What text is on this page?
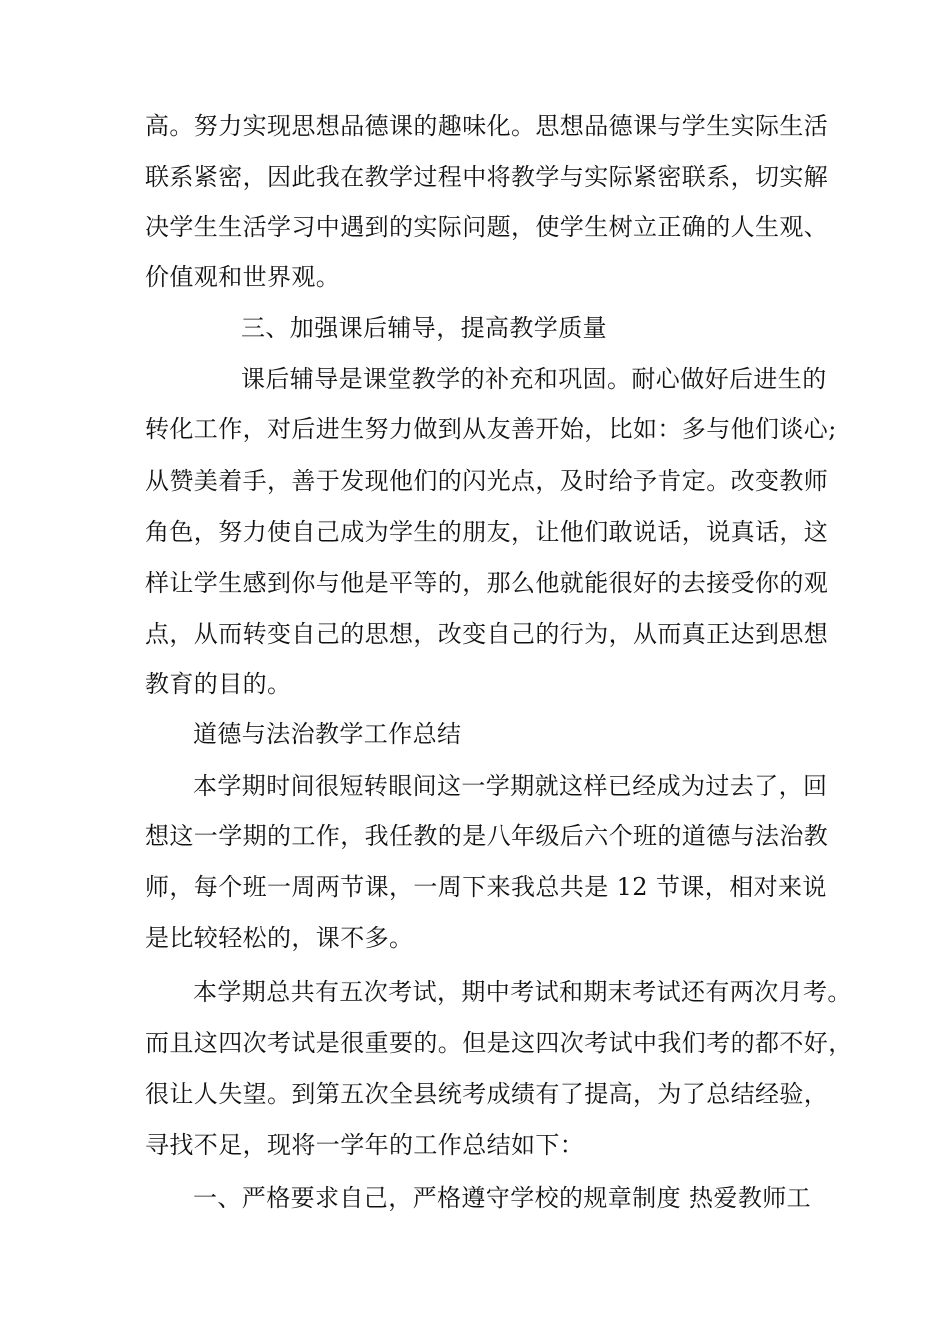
高。努力实现思想品德课的趣味化。思想品德课与学生实际生活
联系紧密，因此我在教学过程中将教学与实际紧密联系，切实解
决学生生活学习中遇到的实际问题，使学生树立正确的人生观、
价值观和世界观。
三、加强课后辅导，提高教学质量
课后辅导是课堂教学的补充和巩固。耐心做好后进生的
转化工作，对后进生努力做到从友善开始，比如：多与他们谈心;
从赞美着手，善于发现他们的闪光点，及时给予肯定。改变教师
角色，努力使自己成为学生的朋友，让他们敢说话，说真话，这
样让学生感到你与他是平等的，那么他就能很好的去接受你的观
点，从而转变自己的思想，改变自己的行为，从而真正达到思想
教育的目的。
道德与法治教学工作总结
本学期时间很短转眼间这一学期就这样已经成为过去了，回
想这一学期的工作，我任教的是八年级后六个班的道德与法治教
师，每个班一周两节课，一周下来我总共是 12 节课，相对来说
是比较轻松的，课不多。
本学期总共有五次考试，期中考试和期末考试还有两次月考。
而且这四次考试是很重要的。但是这四次考试中我们考的都不好，
很让人失望。到第五次全县统考成绩有了提高，为了总结经验，
寻找不足，现将一学年的工作总结如下：
一、严格要求自己，严格遵守学校的规章制度 热爱教师工
